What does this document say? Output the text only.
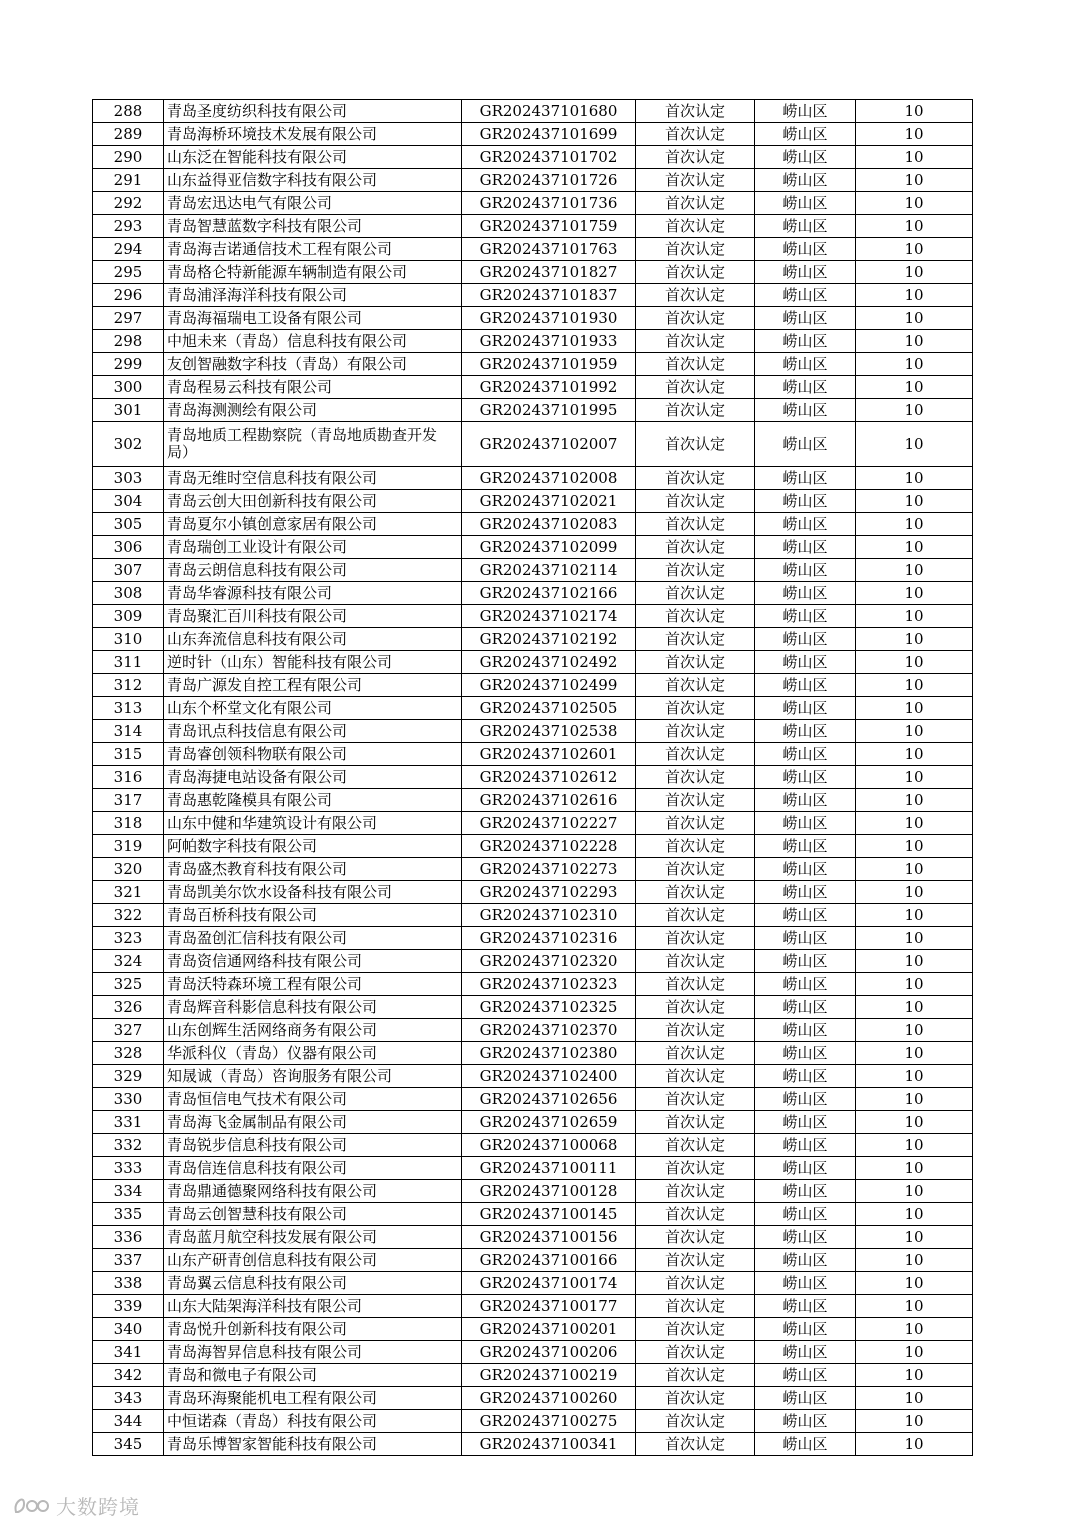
288	青岛圣度纺织科技有限公司	GR202437101680	首次认定	崂山区	10
289	青岛海桥环境技术发展有限公司	GR202437101699	首次认定	崂山区	10
290	山东泛在智能科技有限公司	GR202437101702	首次认定	崂山区	10
291	山东益得亚信数字科技有限公司	GR202437101726	首次认定	崂山区	10
292	青岛宏迅达电气有限公司	GR202437101736	首次认定	崂山区	10
293	青岛智慧蓝数字科技有限公司	GR202437101759	首次认定	崂山区	10
294	青岛海吉诺通信技术工程有限公司	GR202437101763	首次认定	崂山区	10
295	青岛格仑特新能源车辆制造有限公司	GR202437101827	首次认定	崂山区	10
296	青岛浦泽海洋科技有限公司	GR202437101837	首次认定	崂山区	10
297	青岛海福瑞电工设备有限公司	GR202437101930	首次认定	崂山区	10
298	中旭未来（青岛）信息科技有限公司	GR202437101933	首次认定	崂山区	10
299	友创智融数字科技（青岛）有限公司	GR202437101959	首次认定	崂山区	10
300	青岛程易云科技有限公司	GR202437101992	首次认定	崂山区	10
301	青岛海测测绘有限公司	GR202437101995	首次认定	崂山区	10
302	青岛地质工程勘察院（青岛地质勘查开发局）	GR202437102007	首次认定	崂山区	10
303	青岛无维时空信息科技有限公司	GR202437102008	首次认定	崂山区	10
304	青岛云创大田创新科技有限公司	GR202437102021	首次认定	崂山区	10
305	青岛夏尔小镇创意家居有限公司	GR202437102083	首次认定	崂山区	10
306	青岛瑞创工业设计有限公司	GR202437102099	首次认定	崂山区	10
307	青岛云朗信息科技有限公司	GR202437102114	首次认定	崂山区	10
308	青岛华睿源科技有限公司	GR202437102166	首次认定	崂山区	10
309	青岛聚汇百川科技有限公司	GR202437102174	首次认定	崂山区	10
310	山东奔流信息科技有限公司	GR202437102192	首次认定	崂山区	10
311	逆时针（山东）智能科技有限公司	GR202437102492	首次认定	崂山区	10
312	青岛广源发自控工程有限公司	GR202437102499	首次认定	崂山区	10
313	山东个杯堂文化有限公司	GR202437102505	首次认定	崂山区	10
314	青岛讯点科技信息有限公司	GR202437102538	首次认定	崂山区	10
315	青岛睿创领科物联有限公司	GR202437102601	首次认定	崂山区	10
316	青岛海捷电站设备有限公司	GR202437102612	首次认定	崂山区	10
317	青岛惠乾隆模具有限公司	GR202437102616	首次认定	崂山区	10
318	山东中健和华建筑设计有限公司	GR202437102227	首次认定	崂山区	10
319	阿帕数字科技有限公司	GR202437102228	首次认定	崂山区	10
320	青岛盛杰教育科技有限公司	GR202437102273	首次认定	崂山区	10
321	青岛凯美尔饮水设备科技有限公司	GR202437102293	首次认定	崂山区	10
322	青岛百桥科技有限公司	GR202437102310	首次认定	崂山区	10
323	青岛盈创汇信科技有限公司	GR202437102316	首次认定	崂山区	10
324	青岛资信通网络科技有限公司	GR202437102320	首次认定	崂山区	10
325	青岛沃特森环境工程有限公司	GR202437102323	首次认定	崂山区	10
326	青岛辉音科影信息科技有限公司	GR202437102325	首次认定	崂山区	10
327	山东创辉生活网络商务有限公司	GR202437102370	首次认定	崂山区	10
328	华派科仪（青岛）仪器有限公司	GR202437102380	首次认定	崂山区	10
329	知晟诚（青岛）咨询服务有限公司	GR202437102400	首次认定	崂山区	10
330	青岛恒信电气技术有限公司	GR202437102656	首次认定	崂山区	10
331	青岛海飞金属制品有限公司	GR202437102659	首次认定	崂山区	10
332	青岛锐步信息科技有限公司	GR202437100068	首次认定	崂山区	10
333	青岛信连信息科技有限公司	GR202437100111	首次认定	崂山区	10
334	青岛鼎通德聚网络科技有限公司	GR202437100128	首次认定	崂山区	10
335	青岛云创智慧科技有限公司	GR202437100145	首次认定	崂山区	10
336	青岛蓝月航空科技发展有限公司	GR202437100156	首次认定	崂山区	10
337	山东产研青创信息科技有限公司	GR202437100166	首次认定	崂山区	10
338	青岛翼云信息科技有限公司	GR202437100174	首次认定	崂山区	10
339	山东大陆架海洋科技有限公司	GR202437100177	首次认定	崂山区	10
340	青岛悦升创新科技有限公司	GR202437100201	首次认定	崂山区	10
341	青岛海智昇信息科技有限公司	GR202437100206	首次认定	崂山区	10
342	青岛和微电子有限公司	GR202437100219	首次认定	崂山区	10
343	青岛环海聚能机电工程有限公司	GR202437100260	首次认定	崂山区	10
344	中恒诺森（青岛）科技有限公司	GR202437100275	首次认定	崂山区	10
345	青岛乐博智家智能科技有限公司	GR202437100341	首次认定	崂山区	10
大数跨境
